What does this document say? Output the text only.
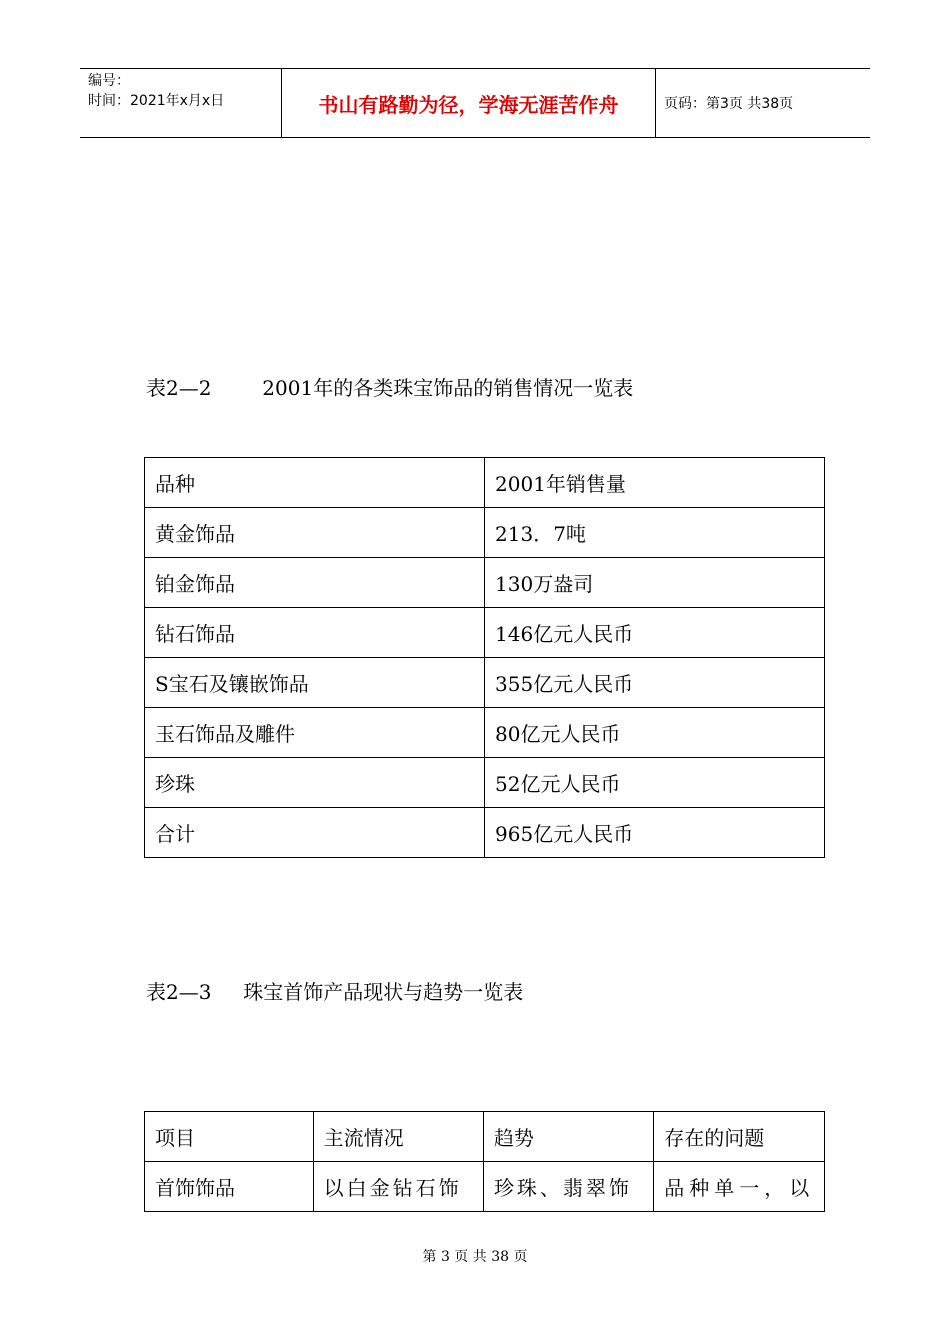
编号：
时间：2021年x月x日	书山有路勤为径，学海无涯苦作舟	页码：第3页 共38页
表2—2        2001年的各类珠宝饰品的销售情况一览表
品种	2001年销售量
黄金饰品	213．7吨
铂金饰品	130万盎司
钻石饰品	146亿元人民币
S宝石及镶嵌饰品	355亿元人民币
玉石饰品及雕件	80亿元人民币
珍珠	52亿元人民币
合计	965亿元人民币
表2—3     珠宝首饰产品现状与趋势一览表
项目	主流情况	趋势	存在的问题
首饰饰品	以白金钻石饰	珍珠、翡翠饰	品种单一，以
第 3 页 共 38 页
